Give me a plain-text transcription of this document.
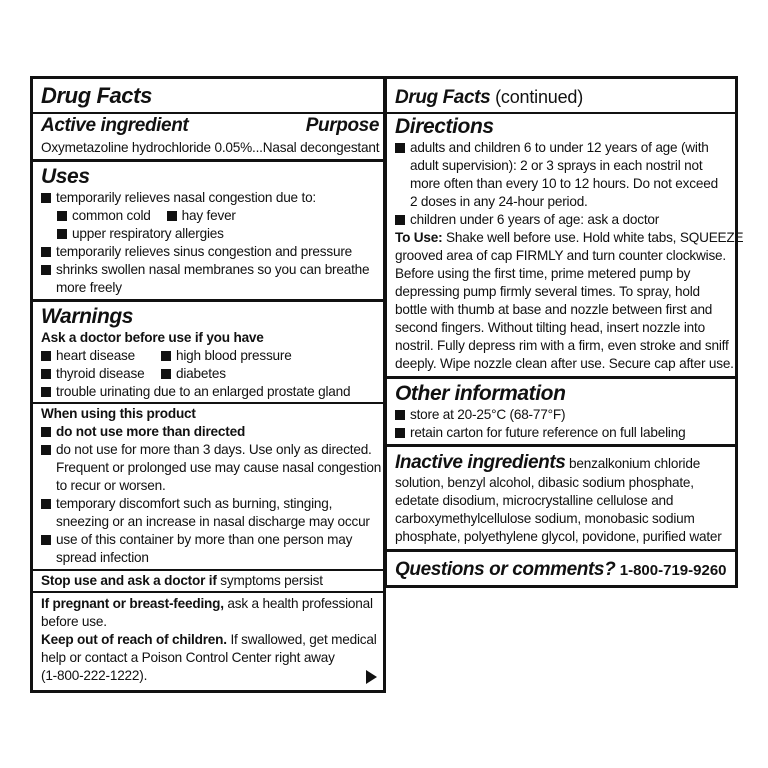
Drug Facts
Active ingredient	Purpose
Oxymetazoline hydrochloride 0.05%...Nasal decongestant
Uses
temporarily relieves nasal congestion due to:
common cold hay fever
upper respiratory allergies
temporarily relieves sinus congestion and pressure
shrinks swollen nasal membranes so you can breathe
more freely
Warnings
Ask a doctor before use if you have
heart disease	high blood pressure
thyroid disease	diabetes
trouble urinating due to an enlarged prostate gland
When using this product
do not use more than directed
do not use for more than 3 days. Use only as directed.
Frequent or prolonged use may cause nasal congestion
to recur or worsen.
temporary discomfort such as burning, stinging,
sneezing or an increase in nasal discharge may occur
use of this container by more than one person may
spread infection
Stop use and ask a doctor if symptoms persist
If pregnant or breast-feeding, ask a health professional
before use.
Keep out of reach of children. If swallowed, get medical
help or contact a Poison Control Center right away
(1-800-222-1222).
Drug Facts (continued)
Directions
adults and children 6 to under 12 years of age (with
adult supervision): 2 or 3 sprays in each nostril not
more often than every 10 to 12 hours. Do not exceed
2 doses in any 24-hour period.
children under 6 years of age: ask a doctor
To Use: Shake well before use. Hold white tabs, SQUEEZE
grooved area of cap FIRMLY and turn counter clockwise.
Before using the first time, prime metered pump by
depressing pump firmly several times. To spray, hold
bottle with thumb at base and nozzle between first and
second fingers. Without tilting head, insert nozzle into
nostril. Fully depress rim with a firm, even stroke and sniff
deeply. Wipe nozzle clean after use. Secure cap after use.
Other information
store at 20-25°C (68-77°F)
retain carton for future reference on full labeling
Inactive ingredients benzalkonium chloride
solution, benzyl alcohol, dibasic sodium phosphate,
edetate disodium, microcrystalline cellulose and
carboxymethylcellulose sodium, monobasic sodium
phosphate, polyethylene glycol, povidone, purified water
Questions or comments? 1-800-719-9260
